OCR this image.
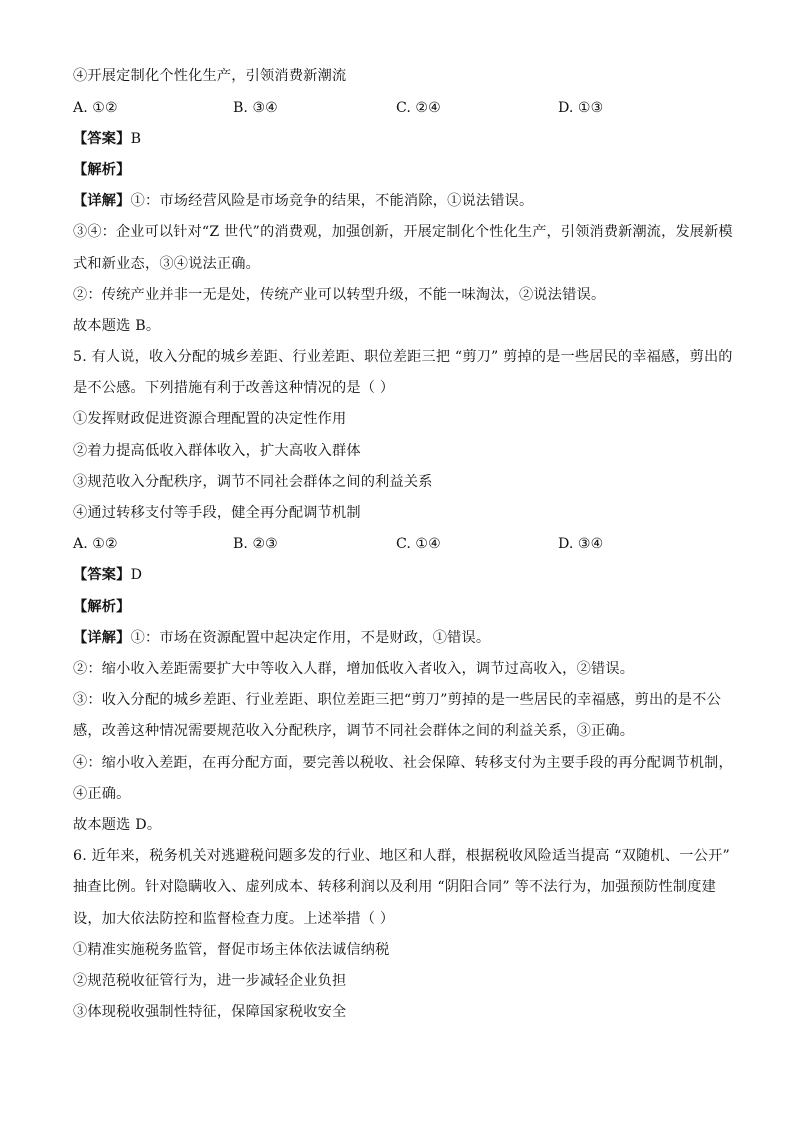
④开展定制化个性化生产，引领消费新潮流
A. ①②	B. ③④	C. ②④	D. ①③
【答案】B
【解析】
【详解】①：市场经营风险是市场竞争的结果，不能消除，①说法错误。
③④：企业可以针对“Z 世代”的消费观，加强创新，开展定制化个性化生产，引领消费新潮流，发展新模
式和新业态，③④说法正确。
②：传统产业并非一无是处，传统产业可以转型升级，不能一味淘汰，②说法错误。
故本题选 B。
5. 有人说，收入分配的城乡差距、行业差距、职位差距三把 “剪刀” 剪掉的是一些居民的幸福感，剪出的
是不公感。下列措施有利于改善这种情况的是（ ）
①发挥财政促进资源合理配置的决定性作用
②着力提高低收入群体收入，扩大高收入群体
③规范收入分配秩序，调节不同社会群体之间的利益关系
④通过转移支付等手段，健全再分配调节机制
A. ①②	B. ②③	C. ①④	D. ③④
【答案】D
【解析】
【详解】①：市场在资源配置中起决定作用，不是财政，①错误。
②：缩小收入差距需要扩大中等收入人群，增加低收入者收入，调节过高收入，②错误。
③：收入分配的城乡差距、行业差距、职位差距三把“剪刀”剪掉的是一些居民的幸福感，剪出的是不公
感，改善这种情况需要规范收入分配秩序，调节不同社会群体之间的利益关系，③正确。
④：缩小收入差距，在再分配方面，要完善以税收、社会保障、转移支付为主要手段的再分配调节机制，
④正确。
故本题选 D。
6. 近年来，税务机关对逃避税问题多发的行业、地区和人群，根据税收风险适当提高 “双随机、一公开”
抽查比例。针对隐瞒收入、虚列成本、转移利润以及利用 “阴阳合同” 等不法行为，加强预防性制度建
设，加大依法防控和监督检查力度。上述举措（ ）
①精准实施税务监管，督促市场主体依法诚信纳税
②规范税收征管行为，进一步减轻企业负担
③体现税收强制性特征，保障国家税收安全
